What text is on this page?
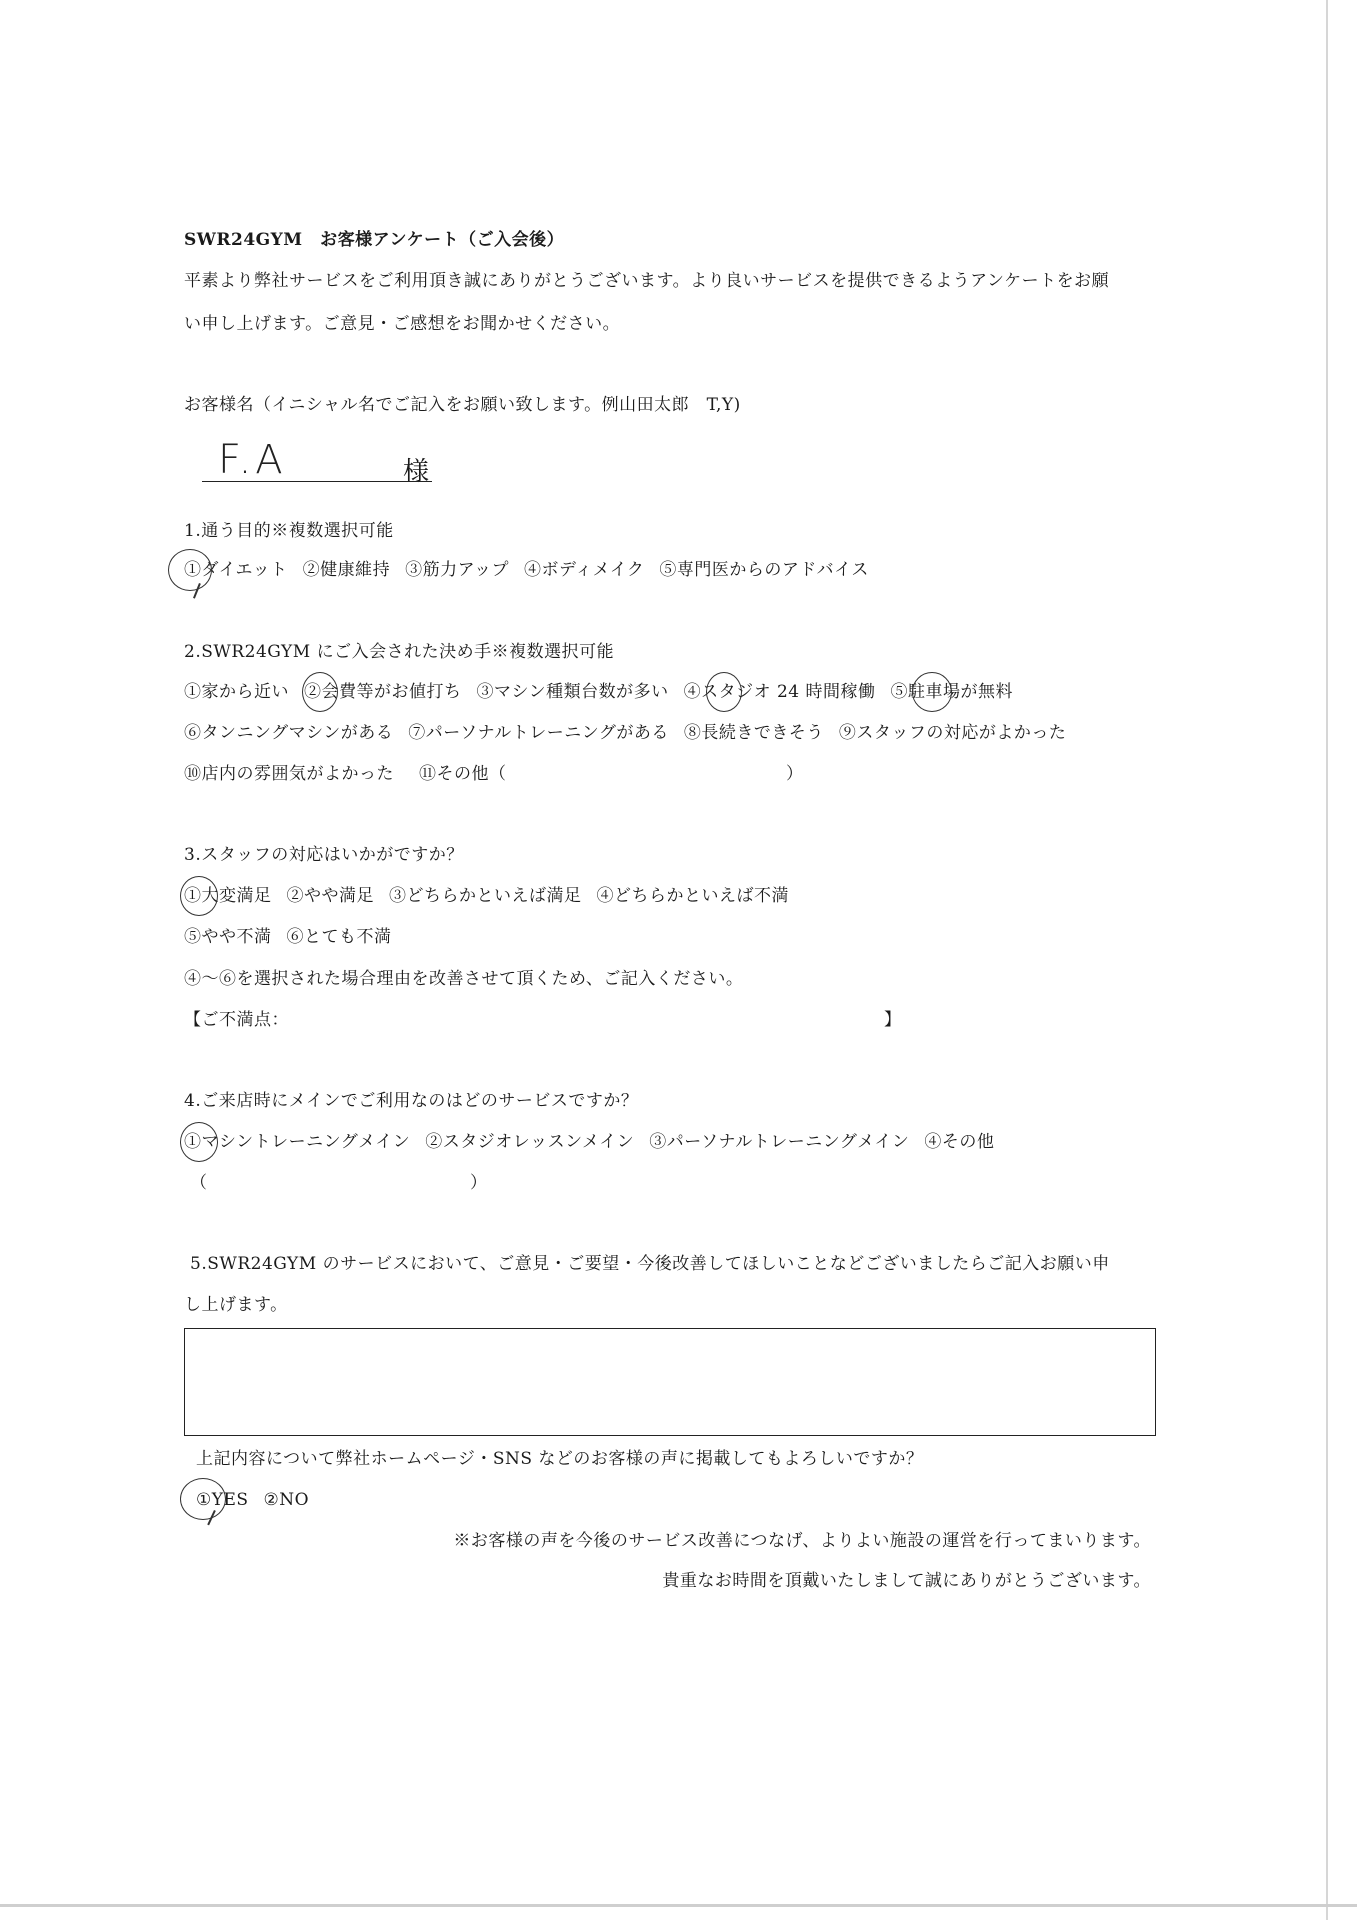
SWR24GYM　お客様アンケート（ご入会後）
平素より弊社サービスをご利用頂き誠にありがとうございます。より良いサービスを提供できるようアンケートをお願
い申し上げます。ご意見・ご感想をお聞かせください。
お客様名（イニシャル名でご記入をお願い致します。例山田太郎　T,Y)
F.A	様
1.通う目的※複数選択可能
①ダイエット ②健康維持 ③筋力アップ ④ボディメイク ⑤専門医からのアドバイス
2.SWR24GYM にご入会された決め手※複数選択可能
①家から近い ②会費等がお値打ち ③マシン種類台数が多い ④スタジオ 24 時間稼働 ⑤駐車場が無料
⑥タンニングマシンがある ⑦パーソナルトレーニングがある ⑧長続きできそう ⑨スタッフの対応がよかった
⑩店内の雰囲気がよかった ⑪その他（	）
3.スタッフの対応はいかがですか？
①大変満足 ②やや満足 ③どちらかといえば満足 ④どちらかといえば不満
⑤やや不満 ⑥とても不満
④～⑥を選択された場合理由を改善させて頂くため、ご記入ください。
【ご不満点：	】
4.ご来店時にメインでご利用なのはどのサービスですか？
①マシントレーニングメイン ②スタジオレッスンメイン ③パーソナルトレーニングメイン ④その他
（	）
5.SWR24GYM のサービスにおいて、ご意見・ご要望・今後改善してほしいことなどございましたらご記入お願い申
し上げます。
上記内容について弊社ホームページ・SNS などのお客様の声に掲載してもよろしいですか？
①YES ②NO
※お客様の声を今後のサービス改善につなげ、よりよい施設の運営を行ってまいります。
貴重なお時間を頂戴いたしまして誠にありがとうございます。
